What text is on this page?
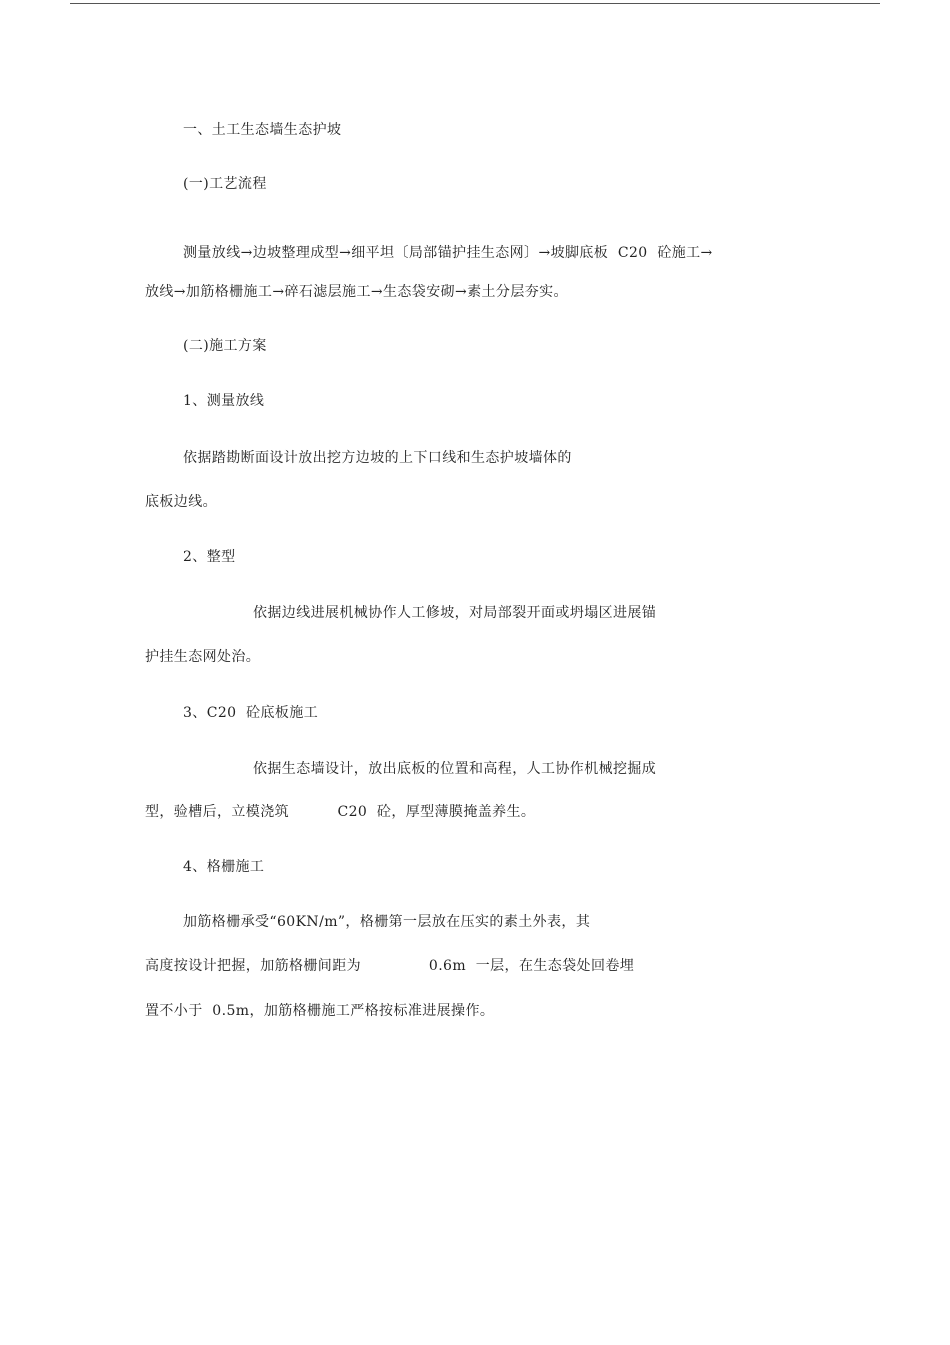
一、土工生态墙生态护坡
(一)工艺流程
测量放线→边坡整理成型→细平坦〔局部锚护挂生态网〕→坡脚底板  C20  砼施工→
放线→加筋格栅施工→碎石滤层施工→生态袋安砌→素土分层夯实。
(二)施工方案
1、测量放线
依据踏勘断面设计放出挖方边坡的上下口线和生态护坡墙体的
底板边线。
2、整型
依据边线进展机械协作人工修坡，对局部裂开面或坍塌区进展锚
护挂生态网处治。
3、C20  砼底板施工
依据生态墙设计，放出底板的位置和高程，人工协作机械挖掘成
型，验槽后，立模浇筑          C20  砼，厚型薄膜掩盖养生。
4、格栅施工
加筋格栅承受“60KN/m”，格栅第一层放在压实的素土外表，其
高度按设计把握，加筋格栅间距为              0.6m  一层，在生态袋处回卷埋
置不小于  0.5m，加筋格栅施工严格按标准进展操作。
